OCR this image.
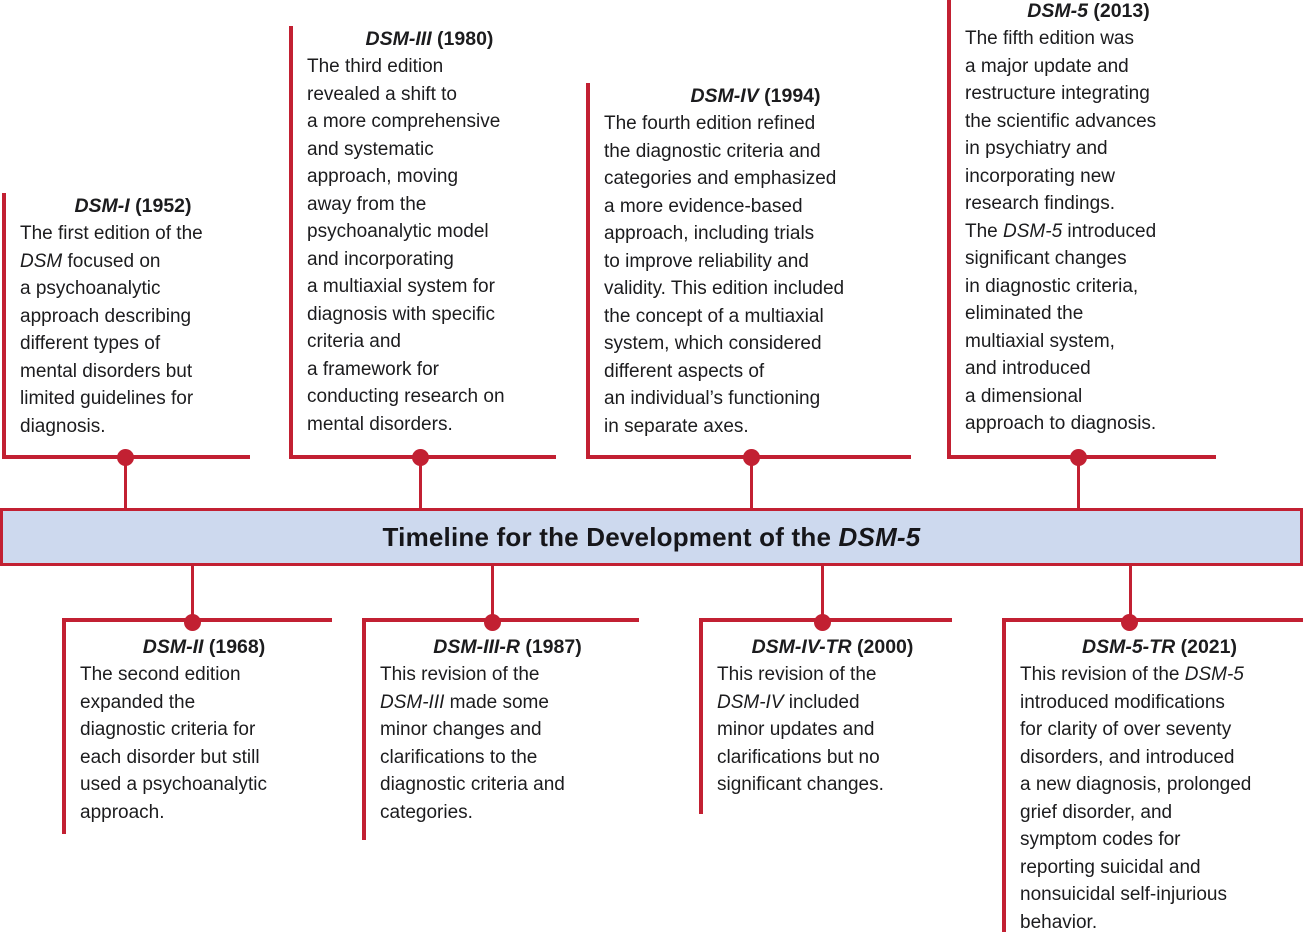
DSM-I (1952)
The first edition of the
DSM focused on
a psychoanalytic
approach describing
different types of
mental disorders but
limited guidelines for
diagnosis.
DSM-III (1980)
The third edition
revealed a shift to
a more comprehensive
and systematic
approach, moving
away from the
psychoanalytic model
and incorporating
a multiaxial system for
diagnosis with specific
criteria and
a framework for
conducting research on
mental disorders.
DSM-IV (1994)
The fourth edition refined
the diagnostic criteria and
categories and emphasized
a more evidence-based
approach, including trials
to improve reliability and
validity. This edition included
the concept of a multiaxial
system, which considered
different aspects of
an individual’s functioning
in separate axes.
DSM-5 (2013)
The fifth edition was
a major update and
restructure integrating
the scientific advances
in psychiatry and
incorporating new
research findings.
The DSM-5 introduced
significant changes
in diagnostic criteria,
eliminated the
multiaxial system,
and introduced
a dimensional
approach to diagnosis.
Timeline for the Development of the DSM-5
DSM-II (1968)
The second edition
expanded the
diagnostic criteria for
each disorder but still
used a psychoanalytic
approach.
DSM-III-R (1987)
This revision of the
DSM-III made some
minor changes and
clarifications to the
diagnostic criteria and
categories.
DSM-IV-TR (2000)
This revision of the
DSM-IV included
minor updates and
clarifications but no
significant changes.
DSM-5-TR (2021)
This revision of the DSM-5
introduced modifications
for clarity of over seventy
disorders, and introduced
a new diagnosis, prolonged
grief disorder, and
symptom codes for
reporting suicidal and
nonsuicidal self-injurious
behavior.
